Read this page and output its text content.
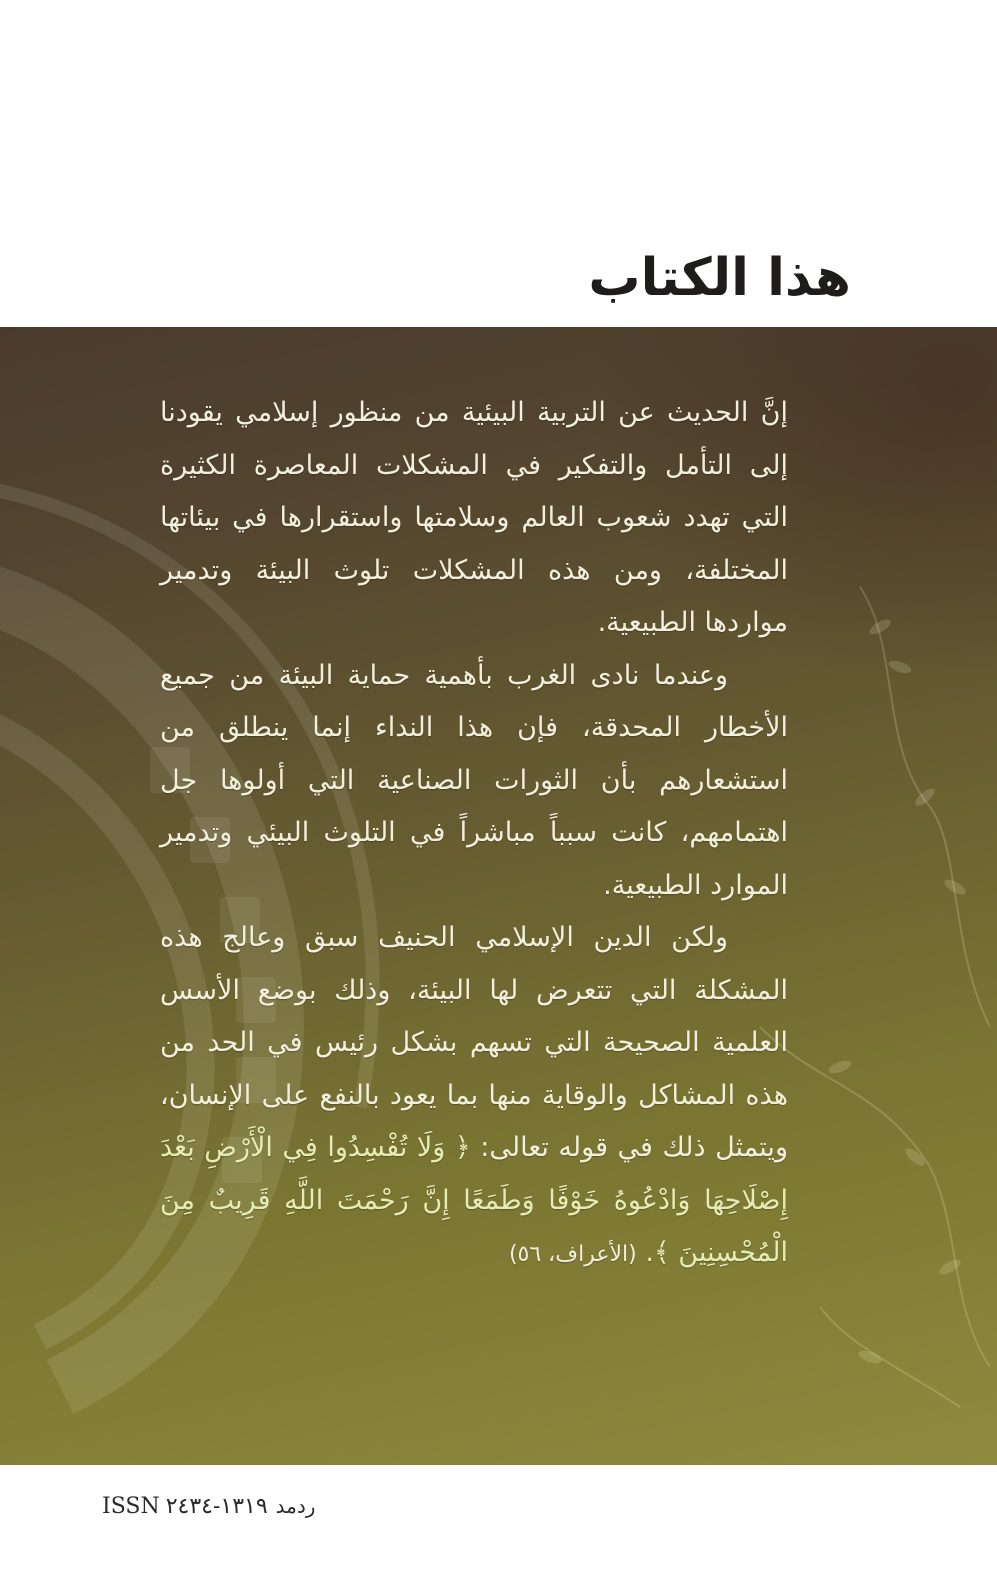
هذا الكتاب

إنَّ الحديث عن التربية البيئية من منظور إسلامي يقودنا إلى التأمل والتفكير في المشكلات المعاصرة الكثيرة التي تهدد شعوب العالم وسلامتها واستقرارها في بيئاتها المختلفة، ومن هذه المشكلات تلوث البيئة وتدمير مواردها الطبيعية.

وعندما نادى الغرب بأهمية حماية البيئة من جميع الأخطار المحدقة، فإن هذا النداء إنما ينطلق من استشعارهم بأن الثورات الصناعية التي أولوها جل اهتمامهم، كانت سبباً مباشراً في التلوث البيئي وتدمير الموارد الطبيعية.

ولكن الدين الإسلامي الحنيف سبق وعالج هذه المشكلة التي تتعرض لها البيئة، وذلك بوضع الأسس العلمية الصحيحة التي تسهم بشكل رئيس في الحد من هذه المشاكل والوقاية منها بما يعود بالنفع على الإنسان، ويتمثل ذلك في قوله تعالى: ﴿ وَلَا تُفْسِدُوا فِي الْأَرْضِ بَعْدَ إِصْلَاحِهَا وَادْعُوهُ خَوْفًا وَطَمَعًا إِنَّ رَحْمَتَ اللَّهِ قَرِيبٌ مِنَ الْمُحْسِنِينَ ﴾. (الأعراف، ٥٦)

ISSN ١٣١٩-٢٤٣٤ ردمد
